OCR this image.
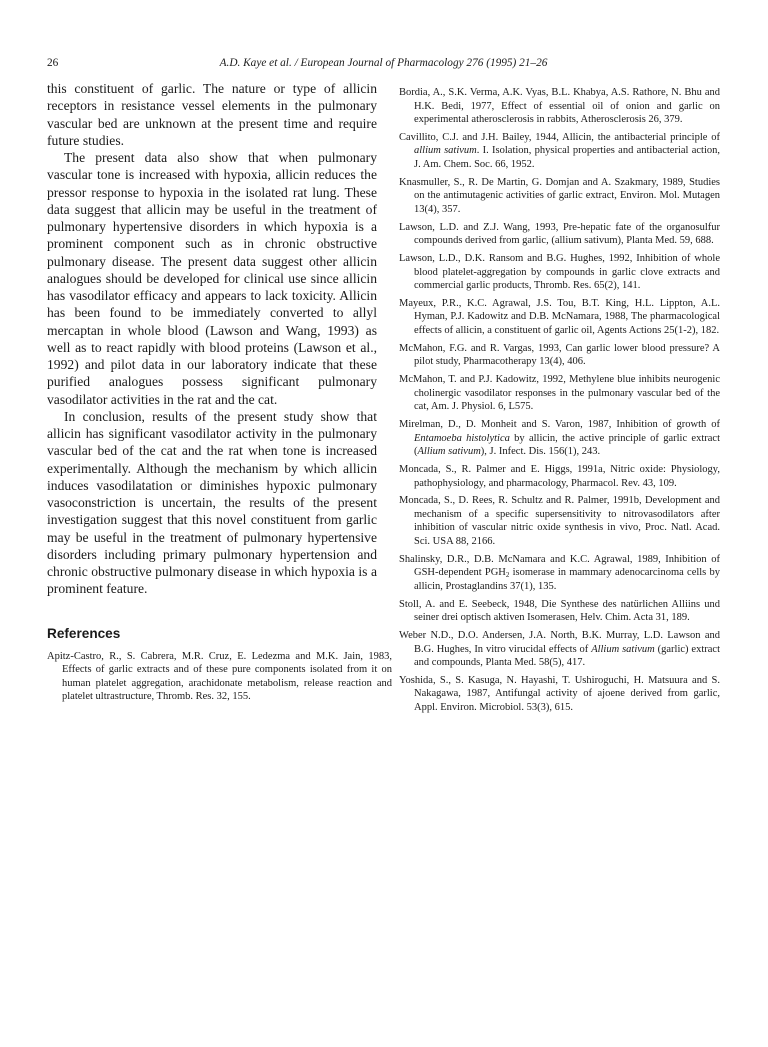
26	A.D. Kaye et al. / European Journal of Pharmacology 276 (1995) 21–26

this constituent of garlic. The nature or type of allicin receptors in resistance vessel elements in the pulmonary vascular bed are unknown at the present time and require future studies.

The present data also show that when pulmonary vascular tone is increased with hypoxia, allicin reduces the pressor response to hypoxia in the isolated rat lung. These data suggest that allicin may be useful in the treatment of pulmonary hypertensive disorders in which hypoxia is a prominent component such as in chronic obstructive pulmonary disease. The present data suggest other allicin analogues should be developed for clinical use since allicin has vasodilator efficacy and appears to lack toxicity. Allicin has been found to be immediately converted to allyl mercaptan in whole blood (Lawson and Wang, 1993) as well as to react rapidly with blood proteins (Lawson et al., 1992) and pilot data in our laboratory indicate that these purified analogues possess significant pulmonary vasodilator activities in the rat and the cat.

In conclusion, results of the present study show that allicin has significant vasodilator activity in the pulmonary vascular bed of the cat and the rat when tone is increased experimentally. Although the mechanism by which allicin induces vasodilatation or diminishes hypoxic pulmonary vasoconstriction is uncertain, the results of the present investigation suggest that this novel constituent from garlic may be useful in the treatment of pulmonary hypertensive disorders including primary pulmonary hypertension and chronic obstructive pulmonary disease in which hypoxia is a prominent feature.

References

Apitz-Castro, R., S. Cabrera, M.R. Cruz, E. Ledezma and M.K. Jain, 1983, Effects of garlic extracts and of these pure components isolated from it on human platelet aggregation, arachidonate metabolism, release reaction and platelet ultrastructure, Thromb. Res. 32, 155.

Bordia, A., S.K. Verma, A.K. Vyas, B.L. Khabya, A.S. Rathore, N. Bhu and H.K. Bedi, 1977, Effect of essential oil of onion and garlic on experimental atherosclerosis in rabbits, Atherosclerosis 26, 379.

Cavillito, C.J. and J.H. Bailey, 1944, Allicin, the antibacterial principle of allium sativum. I. Isolation, physical properties and antibacterial action, J. Am. Chem. Soc. 66, 1952.

Knasmuller, S., R. De Martin, G. Domjan and A. Szakmary, 1989, Studies on the antimutagenic activities of garlic extract, Environ. Mol. Mutagen 13(4), 357.

Lawson, L.D. and Z.J. Wang, 1993, Pre-hepatic fate of the organosulfur compounds derived from garlic, (allium sativum), Planta Med. 59, 688.

Lawson, L.D., D.K. Ransom and B.G. Hughes, 1992, Inhibition of whole blood platelet-aggregation by compounds in garlic clove extracts and commercial garlic products, Thromb. Res. 65(2), 141.

Mayeux, P.R., K.C. Agrawal, J.S. Tou, B.T. King, H.L. Lippton, A.L. Hyman, P.J. Kadowitz and D.B. McNamara, 1988, The pharmacological effects of allicin, a constituent of garlic oil, Agents Actions 25(1-2), 182.

McMahon, F.G. and R. Vargas, 1993, Can garlic lower blood pressure? A pilot study, Pharmacotherapy 13(4), 406.

McMahon, T. and P.J. Kadowitz, 1992, Methylene blue inhibits neurogenic cholinergic vasodilator responses in the pulmonary vascular bed of the cat, Am. J. Physiol. 6, L575.

Mirelman, D., D. Monheit and S. Varon, 1987, Inhibition of growth of Entamoeba histolytica by allicin, the active principle of garlic extract (Allium sativum), J. Infect. Dis. 156(1), 243.

Moncada, S., R. Palmer and E. Higgs, 1991a, Nitric oxide: Physiology, pathophysiology, and pharmacology, Pharmacol. Rev. 43, 109.

Moncada, S., D. Rees, R. Schultz and R. Palmer, 1991b, Development and mechanism of a specific supersensitivity to nitrovasodilators after inhibition of vascular nitric oxide synthesis in vivo, Proc. Natl. Acad. Sci. USA 88, 2166.

Shalinsky, D.R., D.B. McNamara and K.C. Agrawal, 1989, Inhibition of GSH-dependent $PGH_2$ isomerase in mammary adenocarcinoma cells by allicin, Prostaglandins 37(1), 135.

Stoll, A. and E. Seebeck, 1948, Die Synthese des natürlichen Alliins und seiner drei optisch aktiven Isomerasen, Helv. Chim. Acta 31, 189.

Weber N.D., D.O. Andersen, J.A. North, B.K. Murray, L.D. Lawson and B.G. Hughes, In vitro virucidal effects of Allium sativum (garlic) extract and compounds, Planta Med. 58(5), 417.

Yoshida, S., S. Kasuga, N. Hayashi, T. Ushiroguchi, H. Matsuura and S. Nakagawa, 1987, Antifungal activity of ajoene derived from garlic, Appl. Environ. Microbiol. 53(3), 615.
